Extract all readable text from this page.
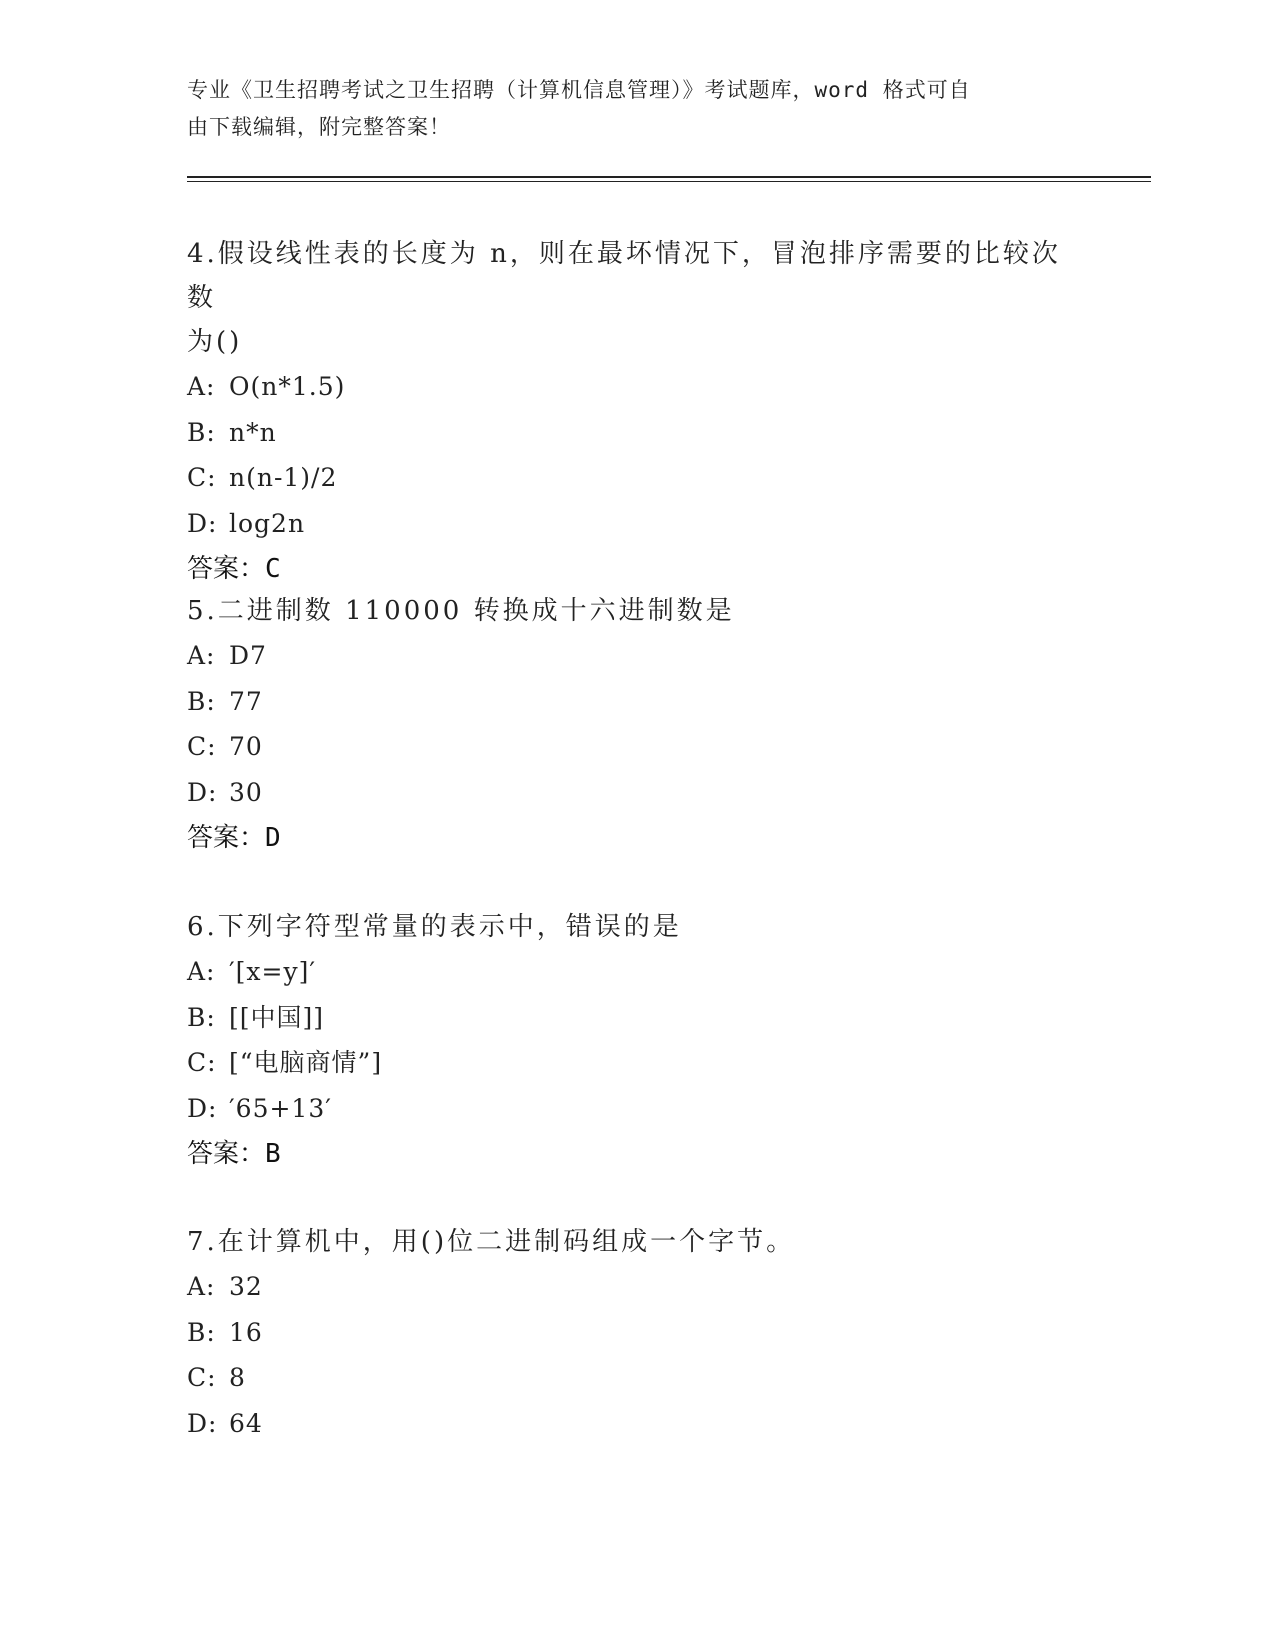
专业《卫生招聘考试之卫生招聘（计算机信息管理）》考试题库，word 格式可自
由下载编辑，附完整答案！
4.假设线性表的长度为 n，则在最坏情况下，冒泡排序需要的比较次数
为()
A: O(n*1.5)
B: n*n
C: n(n-1)/2
D: log2n
答案：C
5.二进制数 110000 转换成十六进制数是
A: D7
B: 77
C: 70
D: 30
答案：D
6.下列字符型常量的表示中，错误的是
A: ′[x=y]′
B: [[中国]]
C: [“电脑商情”]
D: ′65+13′
答案：B
7.在计算机中，用()位二进制码组成一个字节。
A: 32
B: 16
C: 8
D: 64
